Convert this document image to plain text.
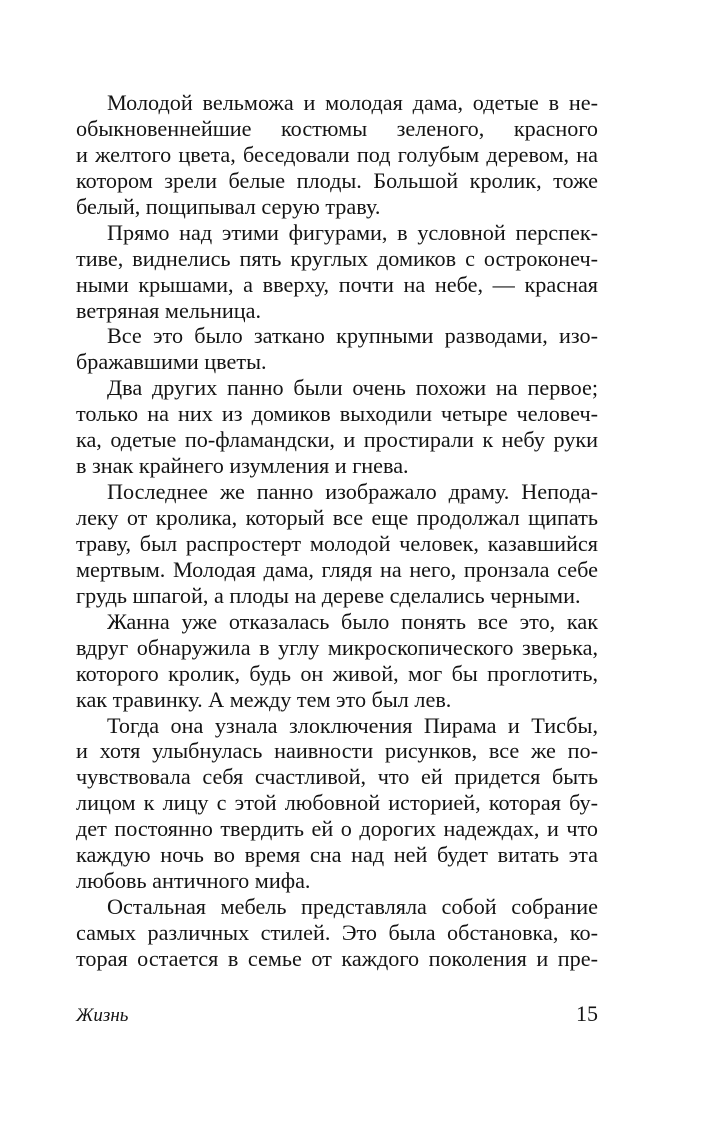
Молодой вельможа и молодая дама, одетые в не-
обыкновеннейшие костюмы зеленого, красного
и желтого цвета, беседовали под голубым деревом, на
котором зрели белые плоды. Большой кролик, тоже
белый, пощипывал серую траву.
Прямо над этими фигурами, в условной перспек-
тиве, виднелись пять круглых домиков с остроконеч-
ными крышами, а вверху, почти на небе, — красная
ветряная мельница.
Все это было заткано крупными разводами, изо-
бражавшими цветы.
Два других панно были очень похожи на первое;
только на них из домиков выходили четыре человеч-
ка, одетые по-фламандски, и простирали к небу руки
в знак крайнего изумления и гнева.
Последнее же панно изображало драму. Непода-
леку от кролика, который все еще продолжал щипать
траву, был распростерт молодой человек, казавшийся
мертвым. Молодая дама, глядя на него, пронзала себе
грудь шпагой, а плоды на дереве сделались черными.
Жанна уже отказалась было понять все это, как
вдруг обнаружила в углу микроскопического зверька,
которого кролик, будь он живой, мог бы проглотить,
как травинку. А между тем это был лев.
Тогда она узнала злоключения Пирама и Тисбы,
и хотя улыбнулась наивности рисунков, все же по-
чувствовала себя счастливой, что ей придется быть
лицом к лицу с этой любовной историей, которая бу-
дет постоянно твердить ей о дорогих надеждах, и что
каждую ночь во время сна над ней будет витать эта
любовь античного мифа.
Остальная мебель представляла собой собрание
самых различных стилей. Это была обстановка, ко-
торая остается в семье от каждого поколения и пре-
Жизнь	15
